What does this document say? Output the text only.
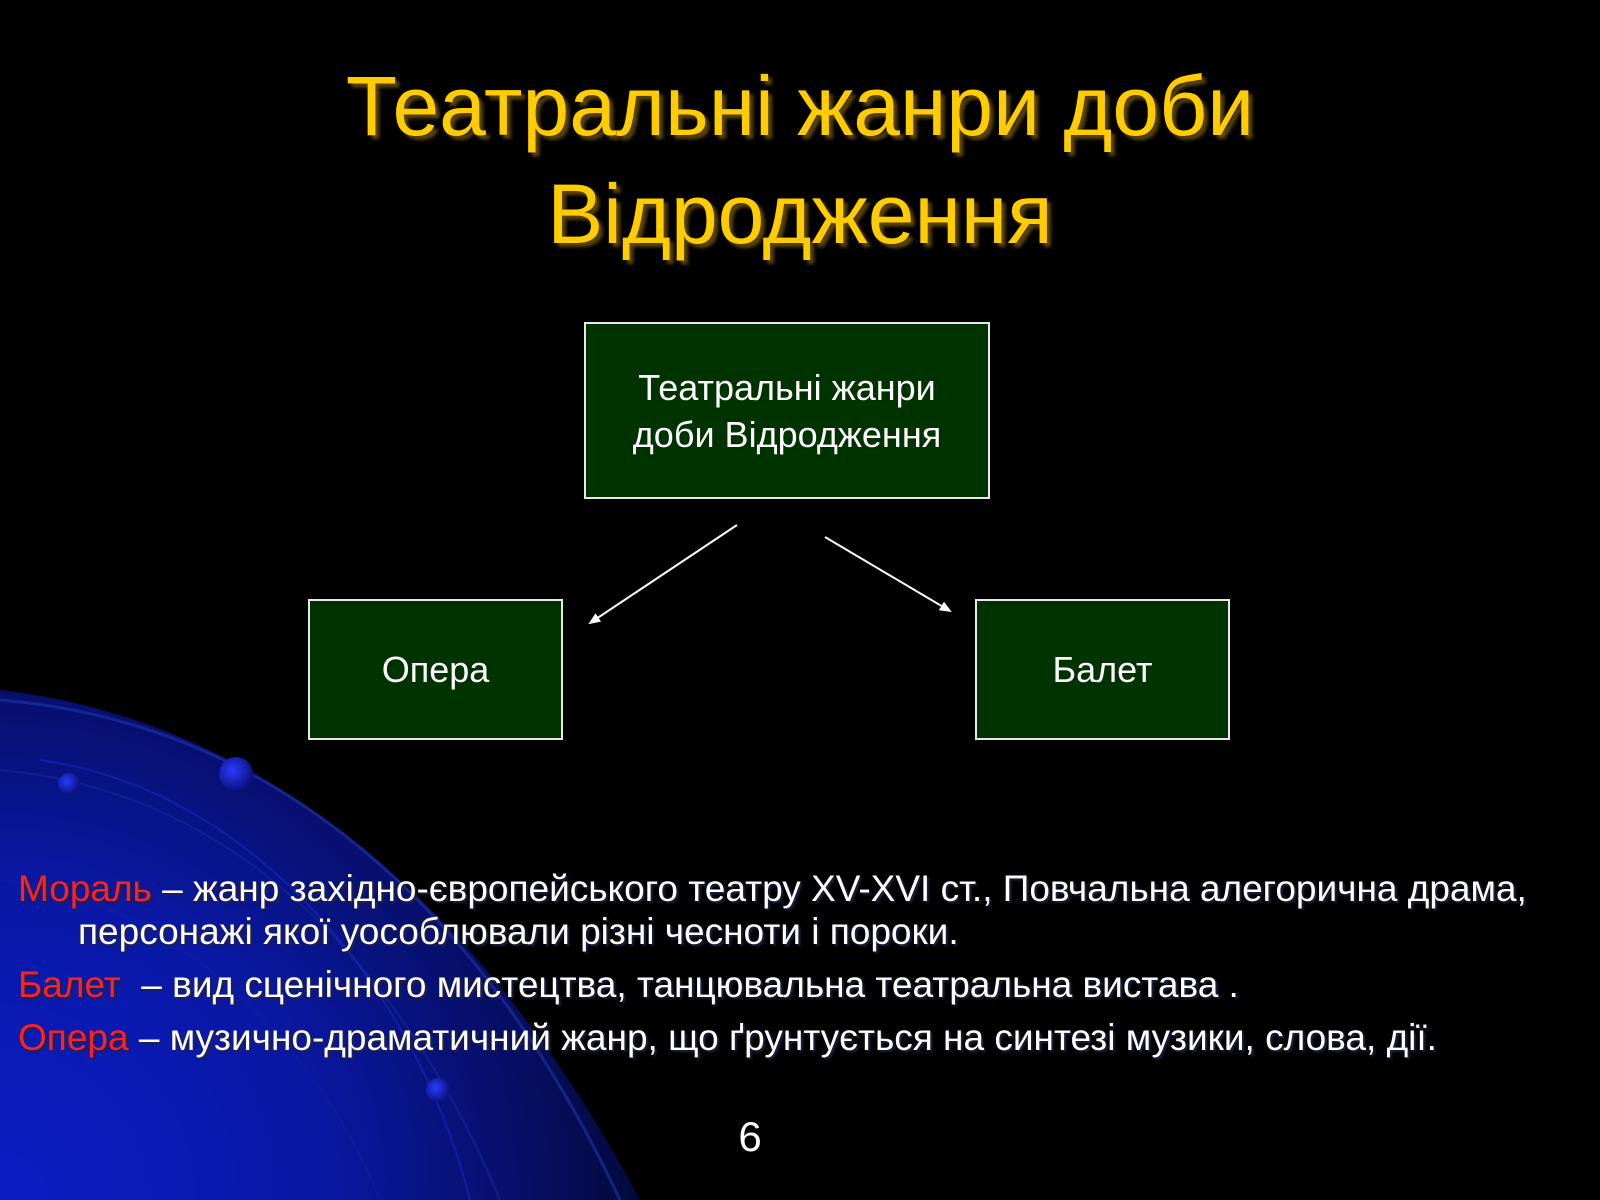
Театральні жанри доби
Відродження
Театральні жанри доби Відродження
Опера	Балет
Мораль – жанр західно-європейського театру XV-XVI ст., Повчальна алегорична драма, персонажі якої уособлювали різні чесноти і пороки.
Балет  – вид сценічного мистецтва, танцювальна театральна вистава .
Опера – музично-драматичний жанр, що ґрунтується на синтезі музики, слова, дії.
6
